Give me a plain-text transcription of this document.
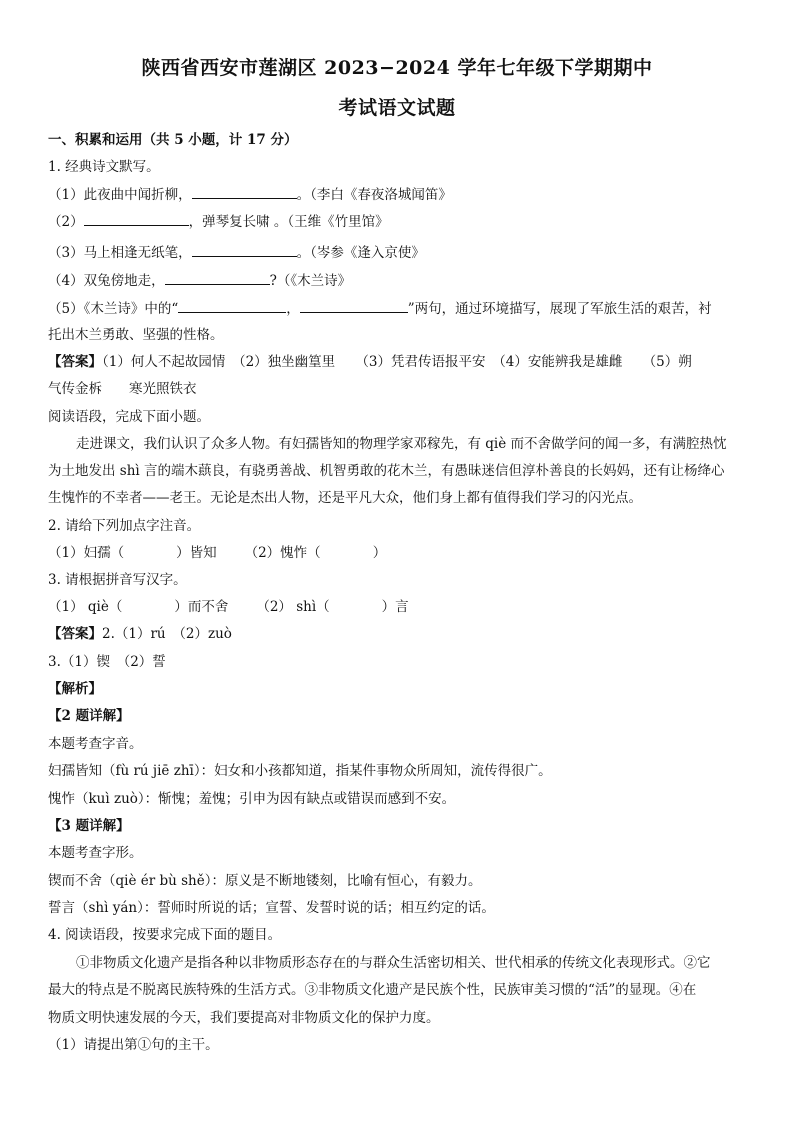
陕西省西安市莲湖区 2023−2024 学年七年级下学期期中
考试语文试题
一、积累和运用（共 5 小题，计 17 分）
1. 经典诗文默写。
（1）此夜曲中闻折柳，	。（李白《春夜洛城闻笛》
（2）	，弹琴复长啸 。（王维《竹里馆》
（3）马上相逢无纸笔，	。（岑参《逢入京使》
（4）双兔傍地走，	?（《木兰诗》
（5）《木兰诗》中的“	，	”两句，通过环境描写，展现了军旅生活的艰苦，衬
托出木兰勇敢、坚强的性格。
【答案】（1）何人不起故园情　（2）独坐幽篁里　　（3）凭君传语报平安　（4）安能辨我是雄雌　　（5）朔
气传金柝　　寒光照铁衣
阅读语段，完成下面小题。
走进课文，我们认识了众多人物。有妇孺皆知的物理学家邓稼先，有 qiè 而不舍做学问的闻一多，有满腔热忱
为土地发出 shì 言的端木蕻良，有骁勇善战、机智勇敢的花木兰，有愚昧迷信但淳朴善良的长妈妈，还有让杨绛心
生愧怍的不幸者——老王。无论是杰出人物，还是平凡大众，他们身上都有值得我们学习的闪光点。
2. 请给下列加点字注音。
（1）妇孺（	）皆知 （2）愧怍（	）
3. 请根据拼音写汉字。
（1） qiè（	）而不舍 （2） shì（	）言
【答案】2.（1）rú　（2）zuò
3.（1）锲　（2）誓
【解析】
【2 题详解】
本题考查字音。
妇孺皆知（fù rú jiē zhī）：妇女和小孩都知道，指某件事物众所周知，流传得很广。
愧怍（kuì zuò）：惭愧；羞愧；引申为因有缺点或错误而感到不安。
【3 题详解】
本题考查字形。
锲而不舍（qiè ér bù shě）：原义是不断地镂刻，比喻有恒心，有毅力。
誓言（shì yán）：誓师时所说的话；宣誓、发誓时说的话；相互约定的话。
4. 阅读语段，按要求完成下面的题目。
①非物质文化遗产是指各种以非物质形态存在的与群众生活密切相关、世代相承的传统文化表现形式。②它
最大的特点是不脱离民族特殊的生活方式。③非物质文化遗产是民族个性，民族审美习惯的“活”的显现。④在
物质文明快速发展的今天，我们要提高对非物质文化的保护力度。
（1）请提出第①句的主干。
